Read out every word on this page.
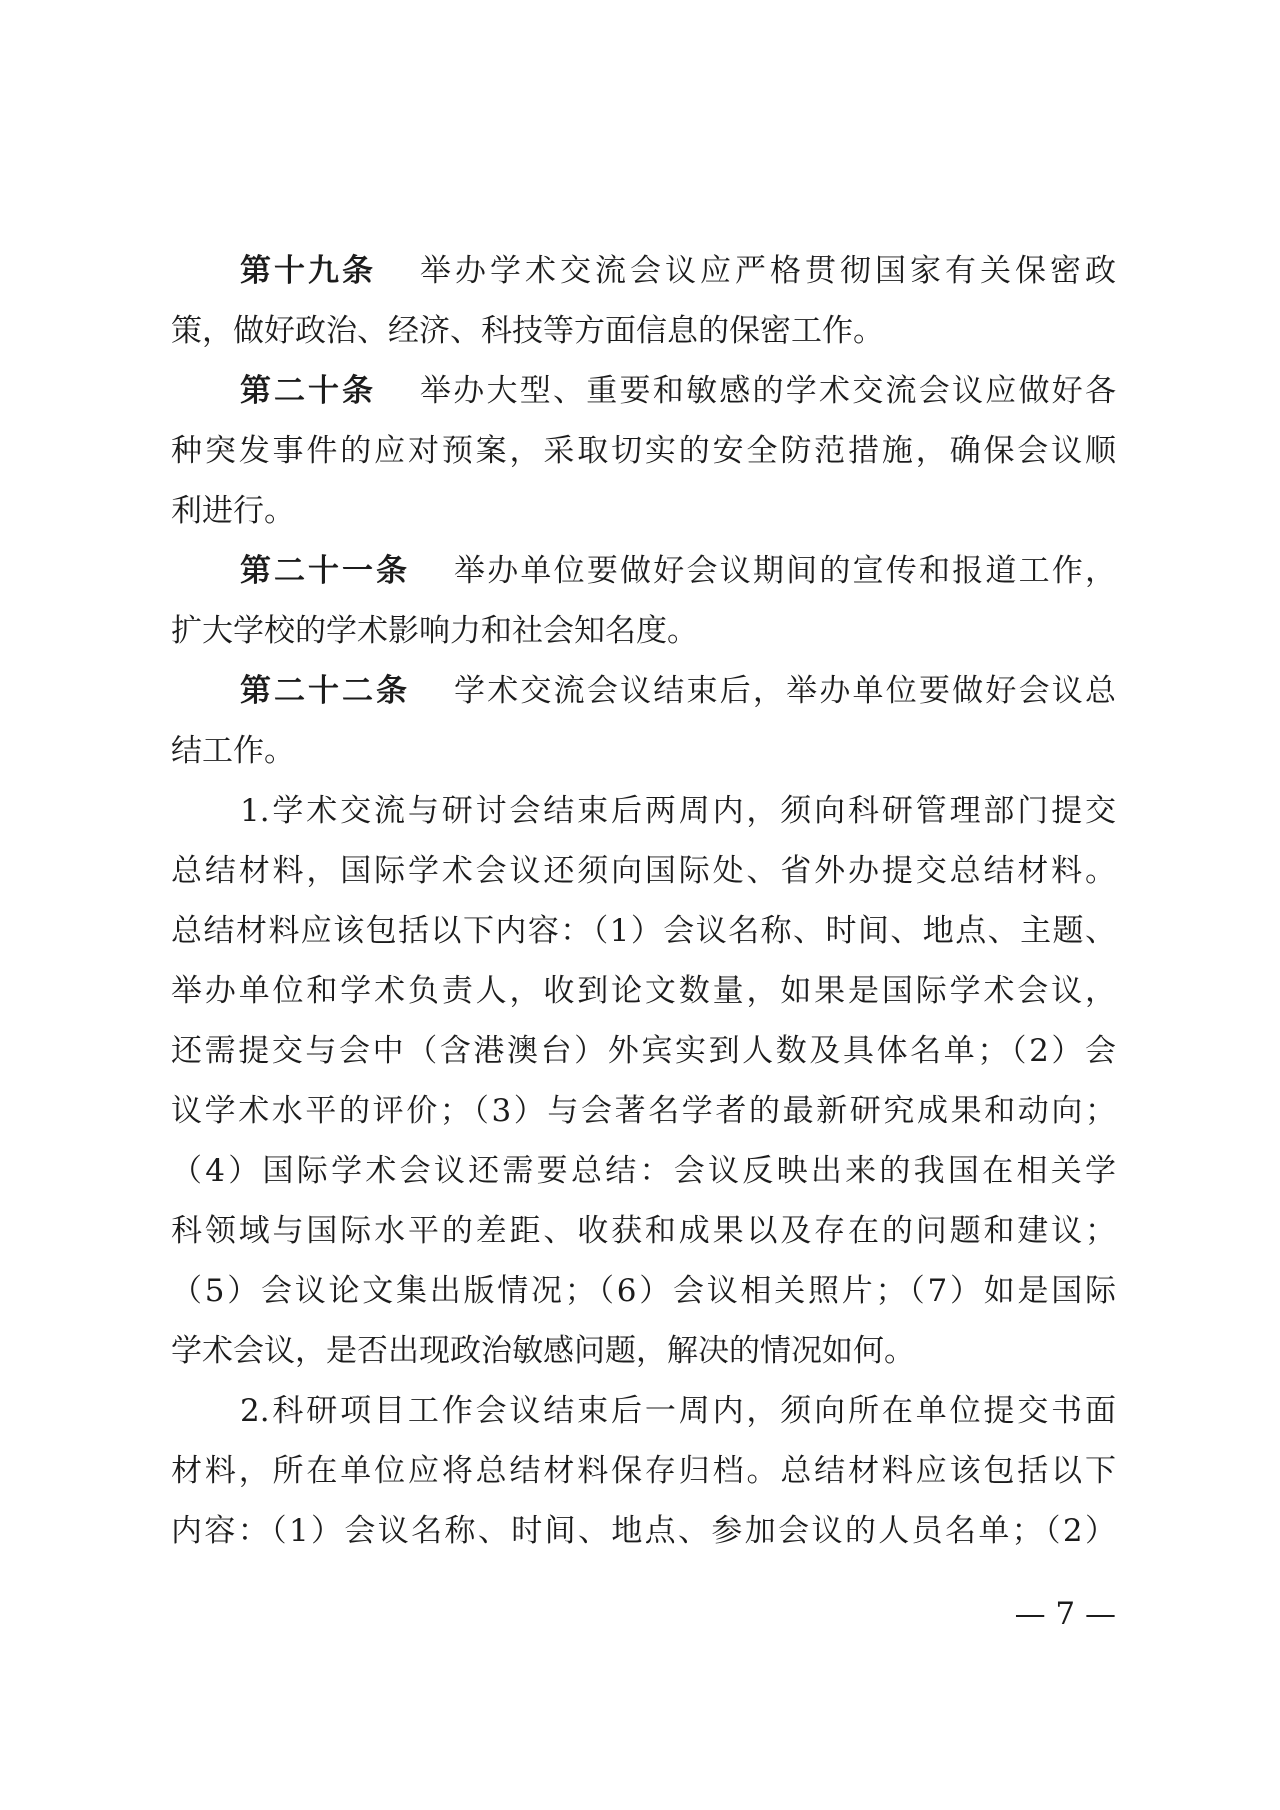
第十九条 举办学术交流会议应严格贯彻国家有关保密政
策，做好政治、经济、科技等方面信息的保密工作。
第二十条 举办大型、重要和敏感的学术交流会议应做好各
种突发事件的应对预案，采取切实的安全防范措施，确保会议顺
利进行。
第二十一条 举办单位要做好会议期间的宣传和报道工作，
扩大学校的学术影响力和社会知名度。
第二十二条 学术交流会议结束后，举办单位要做好会议总
结工作。
1.学术交流与研讨会结束后两周内，须向科研管理部门提交
总结材料，国际学术会议还须向国际处、省外办提交总结材料。
总结材料应该包括以下内容：（1）会议名称、时间、地点、主题、
举办单位和学术负责人，收到论文数量，如果是国际学术会议，
还需提交与会中（含港澳台）外宾实到人数及具体名单；（2）会
议学术水平的评价；（3）与会著名学者的最新研究成果和动向；
（4）国际学术会议还需要总结：会议反映出来的我国在相关学
科领域与国际水平的差距、收获和成果以及存在的问题和建议；
（5）会议论文集出版情况；（6）会议相关照片；（7）如是国际
学术会议，是否出现政治敏感问题，解决的情况如何。
2.科研项目工作会议结束后一周内，须向所在单位提交书面
材料，所在单位应将总结材料保存归档。总结材料应该包括以下
内容：（1）会议名称、时间、地点、参加会议的人员名单；（2）
— 7 —
